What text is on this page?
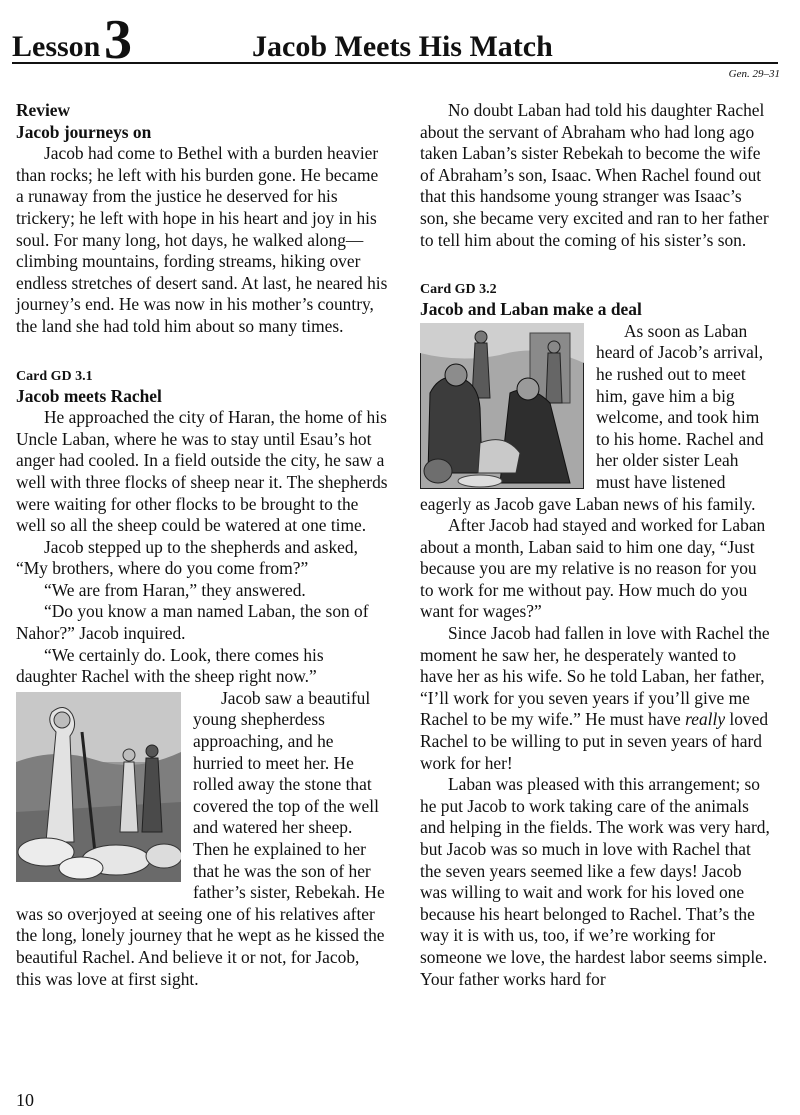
Lesson 3	Jacob Meets His Match
Gen. 29–31
Review
Jacob journeys on

Jacob had come to Bethel with a burden heavier than rocks; he left with his burden gone. He became a runaway from the justice he deserved for his trickery; he left with hope in his heart and joy in his soul. For many long, hot days, he walked along—climbing mountains, fording streams, hiking over endless stretches of desert sand. At last, he neared his journey’s end. He was now in his mother’s country, the land she had told him about so many times.

Card GD 3.1
Jacob meets Rachel

He approached the city of Haran, the home of his Uncle Laban, where he was to stay until Esau’s hot anger had cooled. In a field outside the city, he saw a well with three flocks of sheep near it. The shepherds were waiting for other flocks to be brought to the well so all the sheep could be watered at one time.

Jacob stepped up to the shepherds and asked, “My brothers, where do you come from?”

“We are from Haran,” they answered.

“Do you know a man named Laban, the son of Nahor?” Jacob inquired.

“We certainly do. Look, there comes his daughter Rachel with the sheep right now.”

Jacob saw a beautiful young shepherdess approaching, and he hurried to meet her. He rolled away the stone that covered the top of the well and watered her sheep. Then he explained to her that he was the son of her father’s sister, Rebekah. He was so overjoyed at seeing one of his relatives after the long, lonely journey that he wept as he kissed the beautiful Rachel. And believe it or not, for Jacob, this was love at first sight.

No doubt Laban had told his daughter Rachel about the servant of Abraham who had long ago taken Laban’s sister Rebekah to become the wife of Abraham’s son, Isaac. When Rachel found out that this handsome young stranger was Isaac’s son, she became very excited and ran to her father to tell him about the coming of his sister’s son.

Card GD 3.2
Jacob and Laban make a deal

As soon as Laban heard of Jacob’s arrival, he rushed out to meet him, gave him a big welcome, and took him to his home. Rachel and her older sister Leah must have listened eagerly as Jacob gave Laban news of his family.

After Jacob had stayed and worked for Laban about a month, Laban said to him one day, “Just because you are my relative is no reason for you to work for me without pay. How much do you want for wages?”

Since Jacob had fallen in love with Rachel the moment he saw her, he desperately wanted to have her as his wife. So he told Laban, her father, “I’ll work for you seven years if you’ll give me Rachel to be my wife.” He must have really loved Rachel to be willing to put in seven years of hard work for her!

Laban was pleased with this arrangement; so he put Jacob to work taking care of the animals and helping in the fields. The work was very hard, but Jacob was so much in love with Rachel that the seven years seemed like a few days! Jacob was willing to wait and work for his loved one because his heart belonged to Rachel. That’s the way it is with us, too, if we’re working for someone we love, the hardest labor seems simple. Your father works hard for

10
